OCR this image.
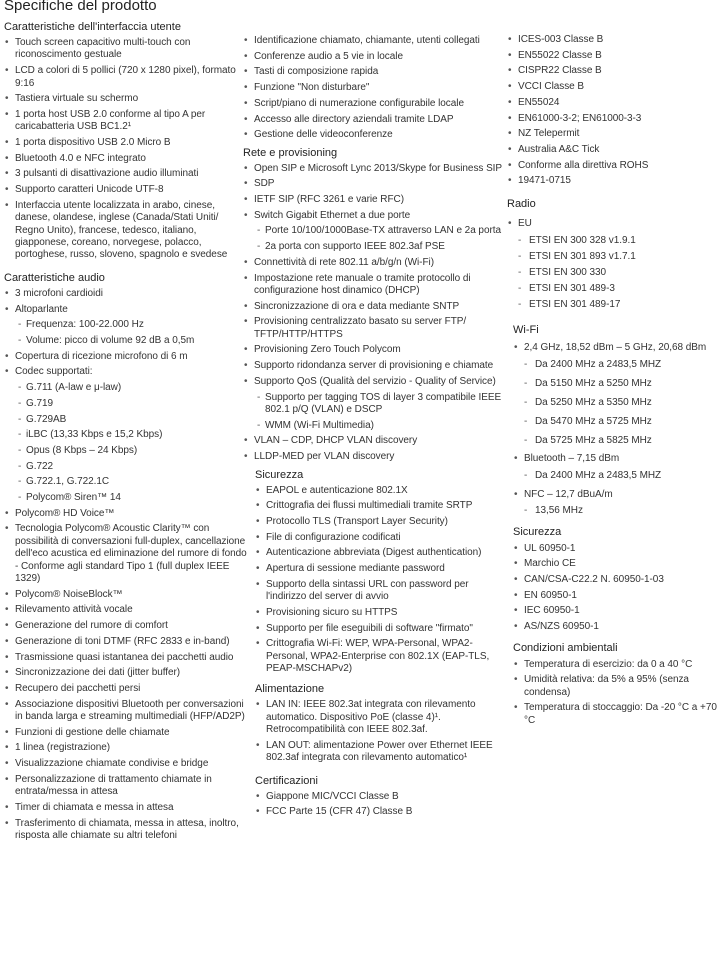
Specifiche del prodotto
Caratteristiche dell'interfaccia utente
• Touch screen capacitivo multi-touch con riconoscimento gestuale
• LCD a colori di 5 pollici (720 x 1280 pixel), formato 9:16
• Tastiera virtuale su schermo
• 1 porta host USB 2.0 conforme al tipo A per caricabatteria USB BC1.2¹
• 1 porta dispositivo USB 2.0 Micro B
• Bluetooth 4.0 e NFC integrato
• 3 pulsanti di disattivazione audio illuminati
• Supporto caratteri Unicode UTF-8
• Interfaccia utente localizzata in arabo, cinese, danese, olandese, inglese (Canada/Stati Uniti/ Regno Unito), francese, tedesco, italiano, giapponese, coreano, norvegese, polacco, portoghese, russo, sloveno, spagnolo e svedese
Caratteristiche audio
• 3 microfoni cardioidi
• Altoparlante
- Frequenza: 100-22.000 Hz
- Volume: picco di volume 92 dB a 0,5m
• Copertura di ricezione microfono di 6 m
• Codec supportati:
- G.711 (A-law e μ-law)
- G.719
- G.729AB
- iLBC (13,33 Kbps e 15,2 Kbps)
- Opus (8 Kbps – 24 Kbps)
- G.722
- G.722.1, G.722.1C
- Polycom® Siren™ 14
• Polycom® HD Voice™
• Tecnologia Polycom® Acoustic Clarity™ con possibilità di conversazioni full-duplex, cancellazione dell'eco acustica ed eliminazione del rumore di fondo - Conforme agli standard Tipo 1 (full duplex IEEE 1329)
• Polycom® NoiseBlock™
• Rilevamento attività vocale
• Generazione del rumore di comfort
• Generazione di toni DTMF (RFC 2833 e in-band)
• Trasmissione quasi istantanea dei pacchetti audio
• Sincronizzazione dei dati (jitter buffer)
• Recupero dei pacchetti persi
• Associazione dispositivi Bluetooth per conversazioni in banda larga e streaming multimediali (HFP/AD2P)
• Funzioni di gestione delle chiamate
• 1 linea (registrazione)
• Visualizzazione chiamate condivise e bridge
• Personalizzazione di trattamento chiamate in entrata/messa in attesa
• Timer di chiamata e messa in attesa
• Trasferimento di chiamata, messa in attesa, inoltro, risposta alle chiamate su altri telefoni
• Identificazione chiamato, chiamante, utenti collegati
• Conferenze audio a 5 vie in locale
• Tasti di composizione rapida
• Funzione "Non disturbare"
• Script/piano di numerazione configurabile locale
• Accesso alle directory aziendali tramite LDAP
• Gestione delle videoconferenze
Rete e provisioning
• Open SIP e Microsoft Lync 2013/Skype for Business SIP
• SDP
• IETF SIP (RFC 3261 e varie RFC)
• Switch Gigabit Ethernet a due porte
- Porte 10/100/1000Base-TX attraverso LAN e 2a porta
- 2a porta con supporto IEEE 802.3af PSE
• Connettività di rete 802.11 a/b/g/n (Wi-Fi)
• Impostazione rete manuale o tramite protocollo di configurazione host dinamico (DHCP)
• Sincronizzazione di ora e data mediante SNTP
• Provisioning centralizzato basato su server FTP/ TFTP/HTTP/HTTPS
• Provisioning Zero Touch Polycom
• Supporto ridondanza server di provisioning e chiamate
• Supporto QoS (Qualità del servizio - Quality of Service)
- Supporto per tagging TOS di layer 3 compatibile IEEE 802.1 p/Q (VLAN) e DSCP
- WMM (Wi-Fi Multimedia)
• VLAN – CDP, DHCP VLAN discovery
• LLDP-MED per VLAN discovery
Sicurezza
• EAPOL e autenticazione 802.1X
• Crittografia dei flussi multimediali tramite SRTP
• Protocollo TLS (Transport Layer Security)
• File di configurazione codificati
• Autenticazione abbreviata (Digest authentication)
• Apertura di sessione mediante password
• Supporto della sintassi URL con password per l'indirizzo del server di avvio
• Provisioning sicuro su HTTPS
• Supporto per file eseguibili di software "firmato"
• Crittografia Wi-Fi: WEP, WPA-Personal, WPA2-Personal, WPA2-Enterprise con 802.1X (EAP-TLS, PEAP-MSCHAPv2)
Alimentazione
• LAN IN: IEEE 802.3at integrata con rilevamento automatico. Dispositivo PoE (classe 4)¹. Retrocompatibilità con IEEE 802.3af.
• LAN OUT: alimentazione Power over Ethernet IEEE 802.3af integrata con rilevamento automatico¹
Certificazioni
• Giappone MIC/VCCI Classe B
• FCC Parte 15 (CFR 47) Classe B
• ICES-003 Classe B
• EN55022 Classe B
• CISPR22 Classe B
• VCCI Classe B
• EN55024
• EN61000-3-2; EN61000-3-3
• NZ Telepermit
• Australia A&C Tick
• Conforme alla direttiva ROHS
• 19471-0715
Radio
• EU
- ETSI EN 300 328 v1.9.1
- ETSI EN 301 893 v1.7.1
- ETSI EN 300 330
- ETSI EN 301 489-3
- ETSI EN 301 489-17
Wi-Fi
• 2,4 GHz, 18,52 dBm – 5 GHz, 20,68 dBm
- Da 2400 MHz a 2483,5 MHZ
- Da 5150 MHz a 5250 MHz
- Da 5250 MHz a 5350 MHz
- Da 5470 MHz a 5725 MHz
- Da 5725 MHz a 5825 MHz
• Bluetooth – 7,15 dBm
- Da 2400 MHz a 2483,5 MHZ
• NFC – 12,7 dBuA/m
- 13,56 MHz
Sicurezza
• UL 60950-1
• Marchio CE
• CAN/CSA-C22.2 N. 60950-1-03
• EN 60950-1
• IEC 60950-1
• AS/NZS 60950-1
Condizioni ambientali
• Temperatura di esercizio: da 0 a 40 °C
• Umidità relativa: da 5% a 95% (senza condensa)
• Temperatura di stoccaggio: Da -20 °C a +70 °C
